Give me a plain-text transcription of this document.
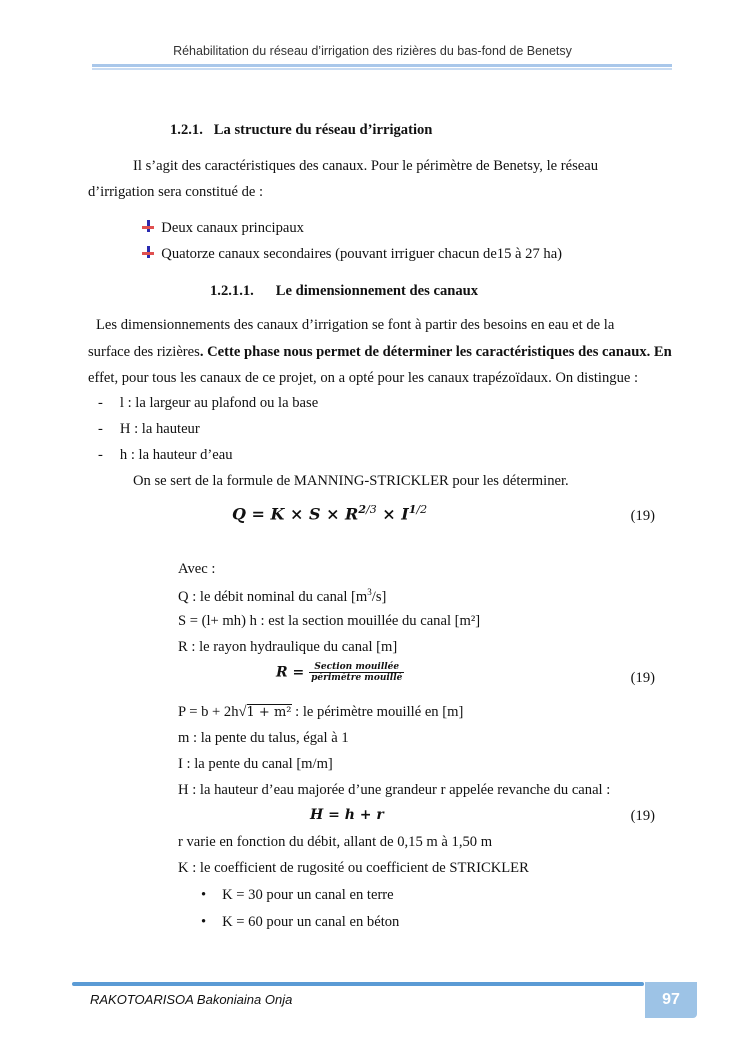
Réhabilitation du réseau d’irrigation des rizières du bas-fond de Benetsy
1.2.1. La structure du réseau d’irrigation
Il s’agit des caractéristiques des canaux. Pour le périmètre de Benetsy, le réseau
d’irrigation sera constitué de :
Deux canaux principaux
Quatorze canaux secondaires (pouvant irriguer chacun de15 à 27 ha)
1.2.1.1. Le dimensionnement des canaux
Les dimensionnements des canaux d’irrigation se font à partir des besoins en eau et de la
surface des rizières. Cette phase nous permet de déterminer les caractéristiques des canaux. En
effet, pour tous les canaux de ce projet, on a opté pour les canaux trapézoïdaux. On distingue :
- l : la largeur au plafond ou la base
- H : la hauteur
- h : la hauteur d’eau
On se sert de la formule de MANNING-STRICKLER pour les déterminer.
$Q = K \times S \times R^{2/3} \times I^{1/2}$	(19)
Avec :
Q : le débit nominal du canal $[m^3/s]$
S = (l+ mh) h : est la section mouillée du canal [m²]
R : le rayon hydraulique du canal [m]
$R = \frac{\text{Section mouillée}}{\text{périmètre mouillé}}$	(19)
P = b + 2h√1 + m² : le périmètre mouillé en [m]
m : la pente du talus, égal à 1
I : la pente du canal [m/m]
H : la hauteur d’eau majorée d’une grandeur r appelée revanche du canal :
H = h + r	(19)
r varie en fonction du débit, allant de 0,15 m à 1,50 m
K : le coefficient de rugosité ou coefficient de STRICKLER
• K = 30 pour un canal en terre
• K = 60 pour un canal en béton
RAKOTOARISOA Bakoniaina Onja	97
